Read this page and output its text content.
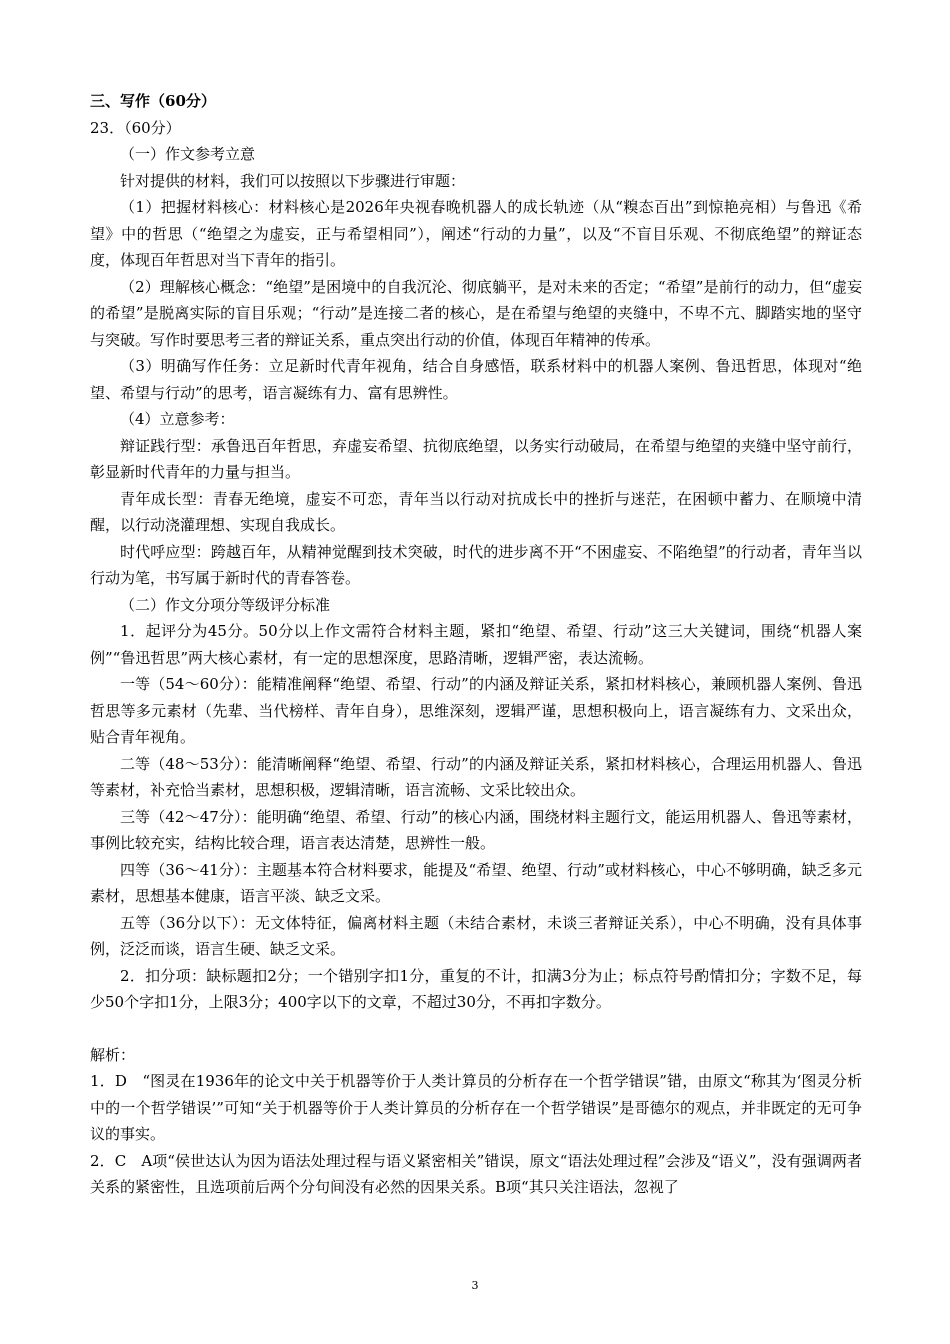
三、写作（60分）
23．（60分）
（一）作文参考立意
针对提供的材料，我们可以按照以下步骤进行审题：
（1）把握材料核心：材料核心是2026年央视春晚机器人的成长轨迹（从“糗态百出”到惊艳亮相）与鲁迅《希望》中的哲思（“绝望之为虚妄，正与希望相同”），阐述“行动的力量”，以及“不盲目乐观、不彻底绝望”的辩证态度，体现百年哲思对当下青年的指引。
（2）理解核心概念：“绝望”是困境中的自我沉沦、彻底躺平，是对未来的否定；“希望”是前行的动力，但“虚妄的希望”是脱离实际的盲目乐观；“行动”是连接二者的核心，是在希望与绝望的夹缝中，不卑不亢、脚踏实地的坚守与突破。写作时要思考三者的辩证关系，重点突出行动的价值，体现百年精神的传承。
（3）明确写作任务：立足新时代青年视角，结合自身感悟，联系材料中的机器人案例、鲁迅哲思，体现对“绝望、希望与行动”的思考，语言凝练有力、富有思辨性。
（4）立意参考：
辩证践行型：承鲁迅百年哲思，弃虚妄希望、抗彻底绝望，以务实行动破局，在希望与绝望的夹缝中坚守前行，彰显新时代青年的力量与担当。
青年成长型：青春无绝境，虚妄不可恋，青年当以行动对抗成长中的挫折与迷茫，在困顿中蓄力、在顺境中清醒，以行动浇灌理想、实现自我成长。
时代呼应型：跨越百年，从精神觉醒到技术突破，时代的进步离不开“不困虚妄、不陷绝望”的行动者，青年当以行动为笔，书写属于新时代的青春答卷。
（二）作文分项分等级评分标准
1．起评分为45分。50分以上作文需符合材料主题，紧扣“绝望、希望、行动”这三大关键词，围绕“机器人案例”“鲁迅哲思”两大核心素材，有一定的思想深度，思路清晰，逻辑严密，表达流畅。
一等（54～60分）：能精准阐释“绝望、希望、行动”的内涵及辩证关系，紧扣材料核心，兼顾机器人案例、鲁迅哲思等多元素材（先辈、当代榜样、青年自身），思维深刻，逻辑严谨，思想积极向上，语言凝练有力、文采出众，贴合青年视角。
二等（48～53分）：能清晰阐释“绝望、希望、行动”的内涵及辩证关系，紧扣材料核心，合理运用机器人、鲁迅等素材，补充恰当素材，思想积极，逻辑清晰，语言流畅、文采比较出众。
三等（42～47分）：能明确“绝望、希望、行动”的核心内涵，围绕材料主题行文，能运用机器人、鲁迅等素材，事例比较充实，结构比较合理，语言表达清楚，思辨性一般。
四等（36～41分）：主题基本符合材料要求，能提及“希望、绝望、行动”或材料核心，中心不够明确，缺乏多元素材，思想基本健康，语言平淡、缺乏文采。
五等（36分以下）：无文体特征，偏离材料主题（未结合素材，未谈三者辩证关系），中心不明确，没有具体事例，泛泛而谈，语言生硬、缺乏文采。
2．扣分项：缺标题扣2分；一个错别字扣1分，重复的不计，扣满3分为止；标点符号酌情扣分；字数不足，每少50个字扣1分，上限3分；400字以下的文章，不超过30分，不再扣字数分。
解析：
1．D　“图灵在1936年的论文中关于机器等价于人类计算员的分析存在一个哲学错误”错，由原文“称其为‘图灵分析中的一个哲学错误’”可知“关于机器等价于人类计算员的分析存在一个哲学错误”是哥德尔的观点，并非既定的无可争议的事实。
2．C　A项“侯世达认为因为语法处理过程与语义紧密相关”错误，原文“语法处理过程”会涉及“语义”，没有强调两者关系的紧密性，且选项前后两个分句间没有必然的因果关系。B项“其只关注语法，忽视了
3
